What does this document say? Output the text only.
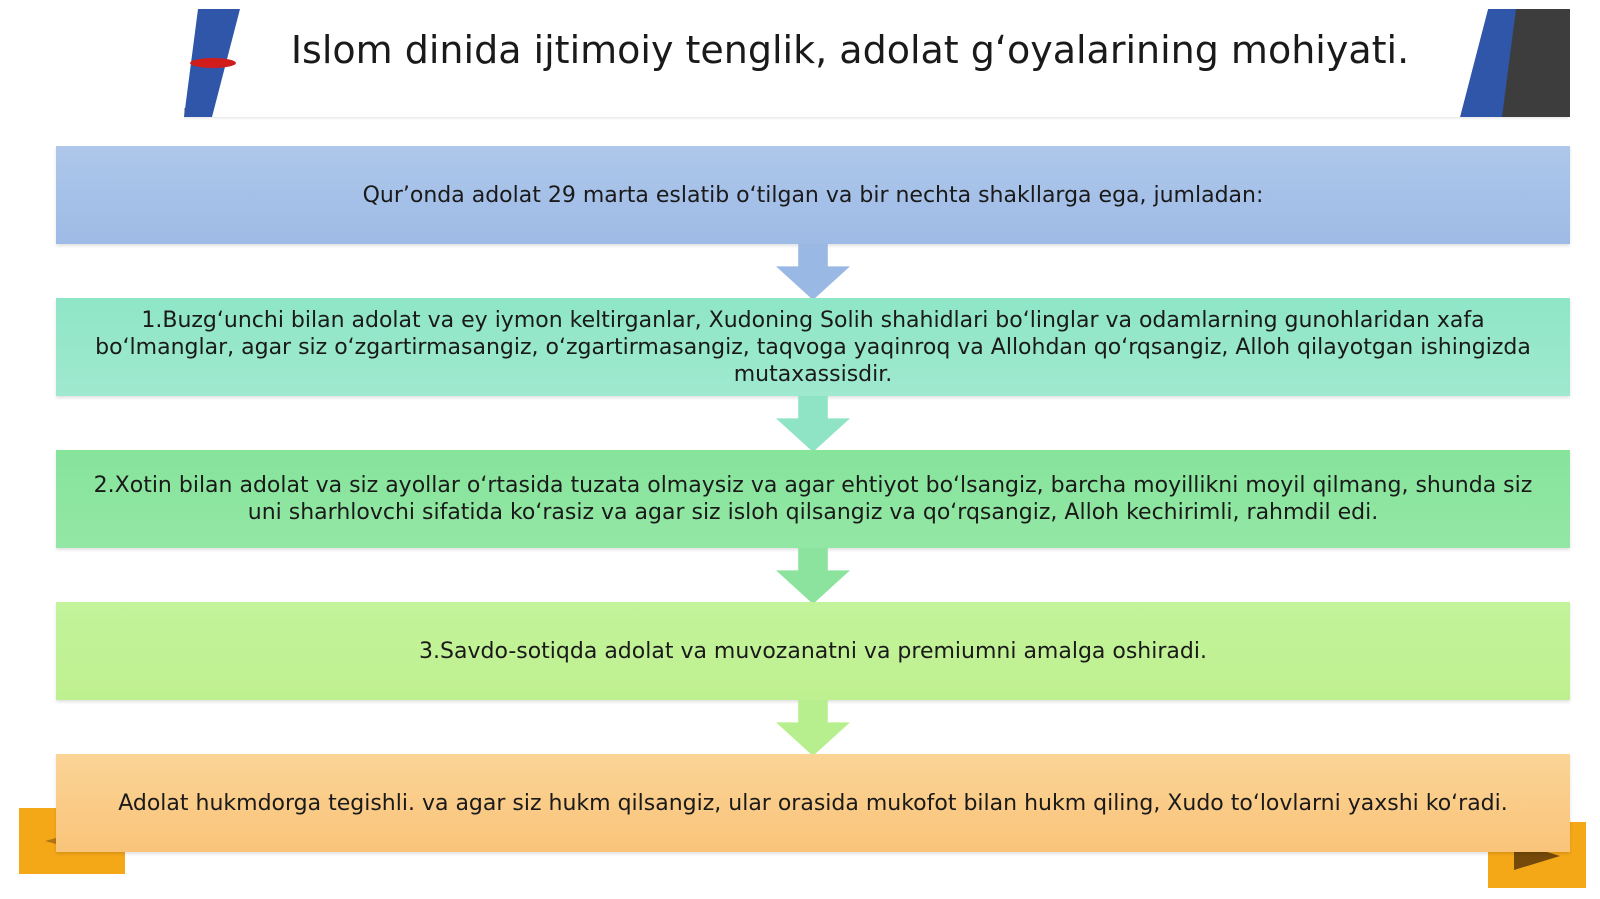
Islom dinida ijtimoiy tenglik, adolat g‘oyalarining mohiyati.
Qur’onda adolat 29 marta eslatib o‘tilgan va bir nechta shakllarga ega, jumladan:
1.Buzg‘unchi bilan adolat va ey iymon keltirganlar, Xudoning Solih shahidlari bo‘linglar va odamlarning gunohlaridan xafa bo‘lmanglar, agar siz o‘zgartirmasangiz, o‘zgartirmasangiz, taqvoga yaqinroq va Allohdan qo‘rqsangiz, Alloh qilayotgan ishingizda mutaxassisdir.
2.Xotin bilan adolat va siz ayollar o‘rtasida tuzata olmaysiz va agar ehtiyot bo‘lsangiz, barcha moyillikni moyil qilmang, shunda siz uni sharhlovchi sifatida ko‘rasiz va agar siz isloh qilsangiz va qo‘rqsangiz, Alloh kechirimli, rahmdil edi.
3.Savdo-sotiqda adolat va muvozanatni va premiumni amalga oshiradi.
Adolat hukmdorga tegishli. va agar siz hukm qilsangiz, ular orasida mukofot bilan hukm qiling, Xudo to‘lovlarni yaxshi ko‘radi.
